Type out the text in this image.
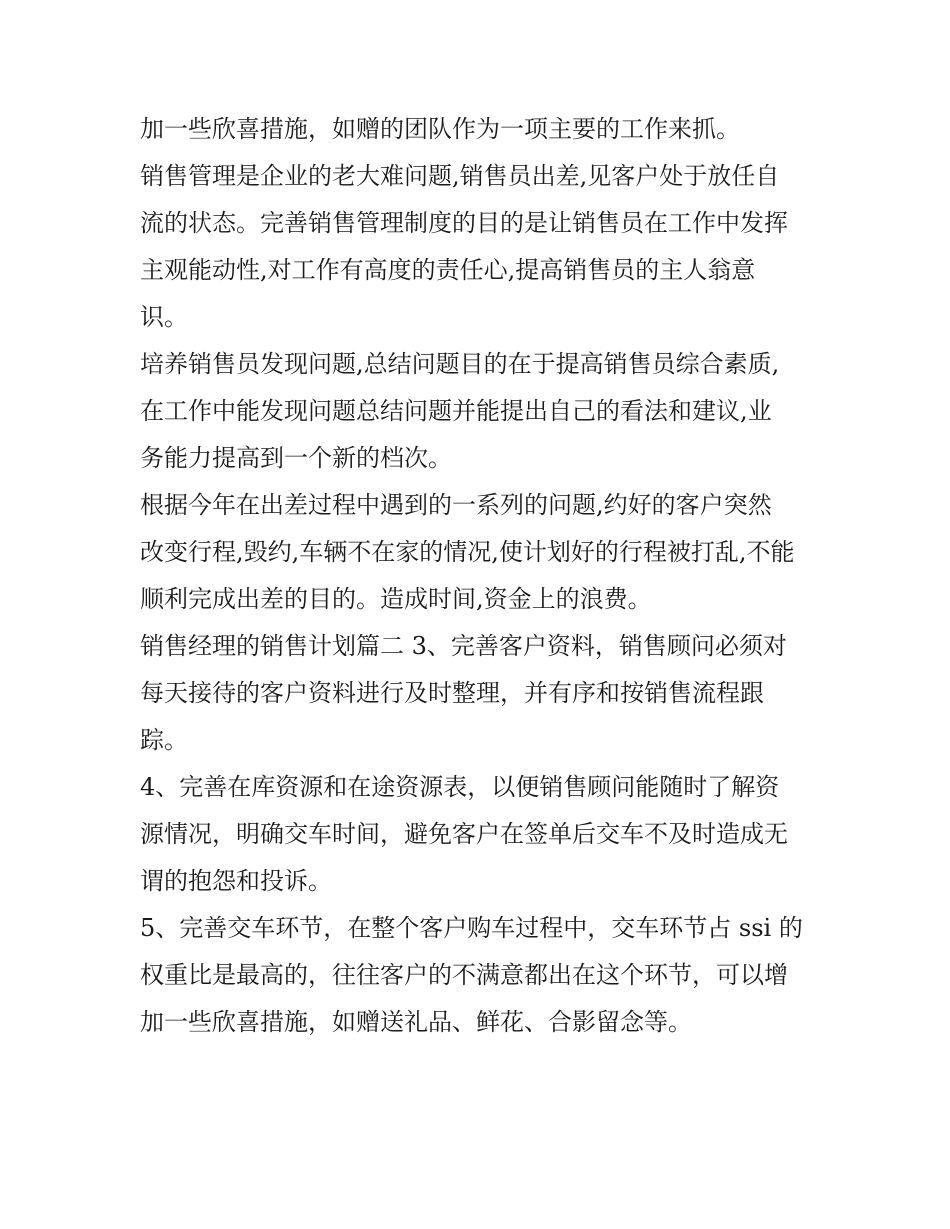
加一些欣喜措施，如赠的团队作为一项主要的工作来抓。
销售管理是企业的老大难问题,销售员出差,见客户处于放任自
流的状态。完善销售管理制度的目的是让销售员在工作中发挥
主观能动性,对工作有高度的责任心,提高销售员的主人翁意
识。
培养销售员发现问题,总结问题目的在于提高销售员综合素质,
在工作中能发现问题总结问题并能提出自己的看法和建议,业
务能力提高到一个新的档次。
根据今年在出差过程中遇到的一系列的问题,约好的客户突然
改变行程,毁约,车辆不在家的情况,使计划好的行程被打乱,不能
顺利完成出差的目的。造成时间,资金上的浪费。
销售经理的销售计划篇二 3、完善客户资料，销售顾问必须对
每天接待的客户资料进行及时整理，并有序和按销售流程跟
踪。
4、完善在库资源和在途资源表，以便销售顾问能随时了解资
源情况，明确交车时间，避免客户在签单后交车不及时造成无
谓的抱怨和投诉。
5、完善交车环节，在整个客户购车过程中，交车环节占 ssi 的
权重比是最高的，往往客户的不满意都出在这个环节，可以增
加一些欣喜措施，如赠送礼品、鲜花、合影留念等。
